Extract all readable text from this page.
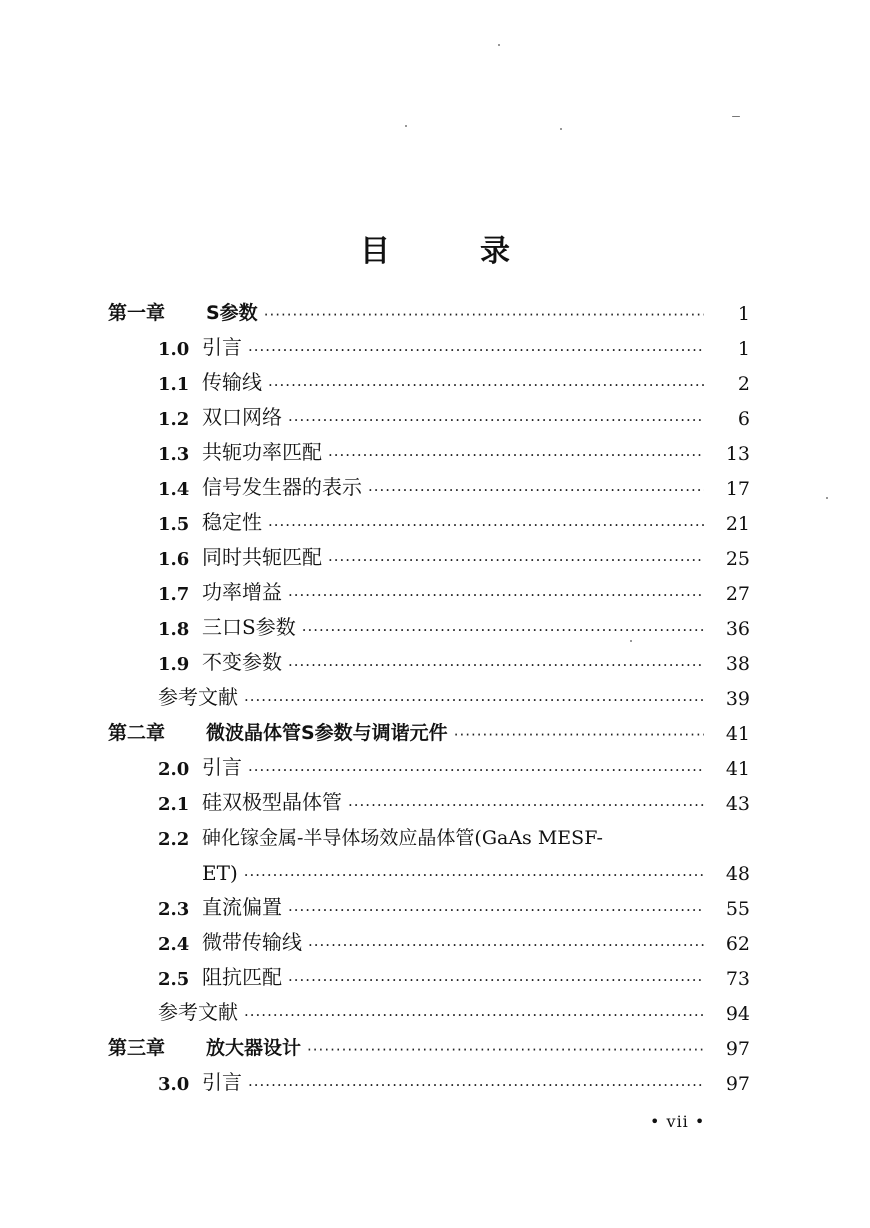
目	录
第一章	S参数 ·····	1
1.0 引言 ·····	1
1.1 传输线 ·····	2
1.2 双口网络 ·····	6
1.3 共轭功率匹配 ·····	13
1.4 信号发生器的表示 ·····	17
1.5 稳定性 ·····	21
1.6 同时共轭匹配 ·····	25
1.7 功率增益 ·····	27
1.8 三口S参数 ·····	36
1.9 不变参数 ·····	38
参考文献 ·····	39
第二章	微波晶体管S参数与调谐元件 ·····	41
2.0 引言 ·····	41
2.1 硅双极型晶体管 ·····	43
2.2 砷化镓金属-半导体场效应晶体管(GaAs MESF-
ET) ·····	48
2.3 直流偏置 ·····	55
2.4 微带传输线 ·····	62
2.5 阻抗匹配 ·····	73
参考文献 ·····	94
第三章	放大器设计 ·····	97
3.0 引言 ·····	97
• vii •
